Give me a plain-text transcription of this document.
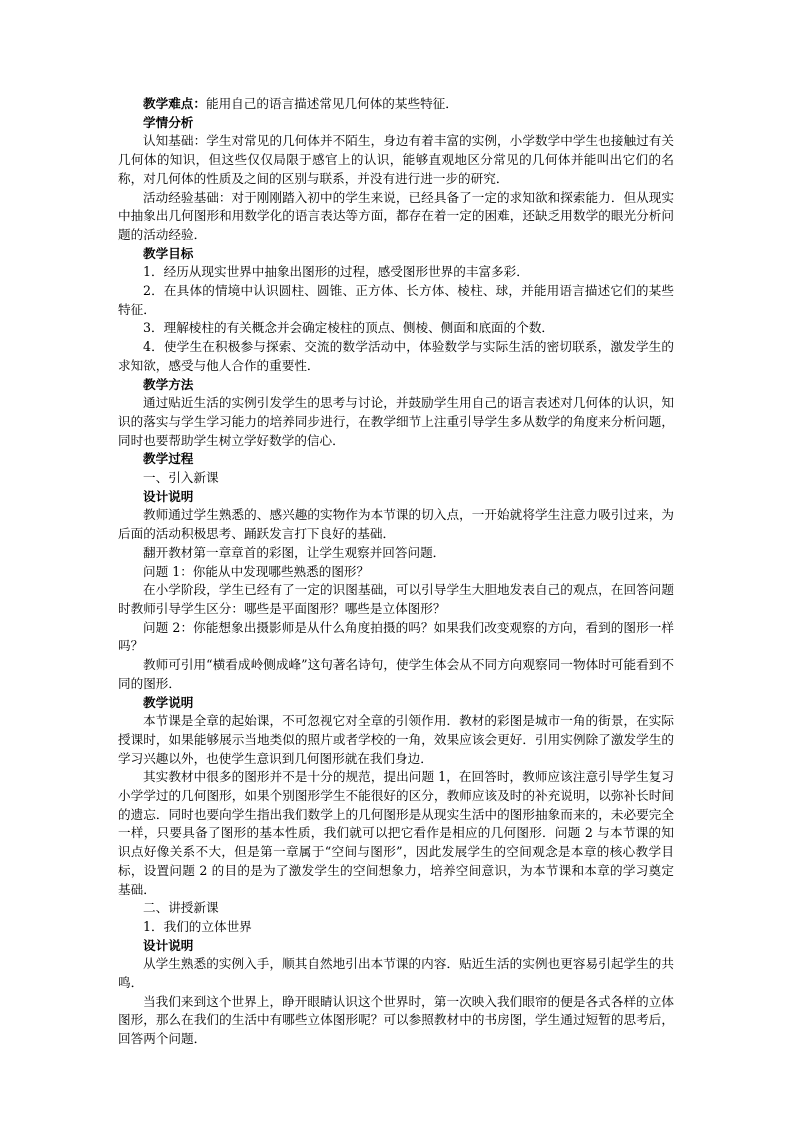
教学难点：能用自己的语言描述常见几何体的某些特征．

学情分析

认知基础：学生对常见的几何体并不陌生，身边有着丰富的实例，小学数学中学生也接触过有关几何体的知识，但这些仅仅局限于感官上的认识，能够直观地区分常见的几何体并能叫出它们的名称，对几何体的性质及之间的区别与联系，并没有进行进一步的研究．

活动经验基础：对于刚刚踏入初中的学生来说，已经具备了一定的求知欲和探索能力．但从现实中抽象出几何图形和用数学化的语言表达等方面，都存在着一定的困难，还缺乏用数学的眼光分析问题的活动经验．

教学目标

1．经历从现实世界中抽象出图形的过程，感受图形世界的丰富多彩．

2．在具体的情境中认识圆柱、圆锥、正方体、长方体、棱柱、球，并能用语言描述它们的某些特征．

3．理解棱柱的有关概念并会确定棱柱的顶点、侧棱、侧面和底面的个数．

4．使学生在积极参与探索、交流的数学活动中，体验数学与实际生活的密切联系，激发学生的求知欲，感受与他人合作的重要性．

教学方法

通过贴近生活的实例引发学生的思考与讨论，并鼓励学生用自己的语言表述对几何体的认识，知识的落实与学生学习能力的培养同步进行，在教学细节上注重引导学生多从数学的角度来分析问题，同时也要帮助学生树立学好数学的信心．

教学过程

一、引入新课

设计说明

教师通过学生熟悉的、感兴趣的实物作为本节课的切入点，一开始就将学生注意力吸引过来，为后面的活动积极思考、踊跃发言打下良好的基础．

翻开教材第一章章首的彩图，让学生观察并回答问题．

问题 1：你能从中发现哪些熟悉的图形？

在小学阶段，学生已经有了一定的识图基础，可以引导学生大胆地发表自己的观点，在回答问题时教师引导学生区分：哪些是平面图形？哪些是立体图形？

问题 2：你能想象出摄影师是从什么角度拍摄的吗？如果我们改变观察的方向，看到的图形一样吗？

教师可引用“横看成岭侧成峰”这句著名诗句，使学生体会从不同方向观察同一物体时可能看到不同的图形．

教学说明

本节课是全章的起始课，不可忽视它对全章的引领作用．教材的彩图是城市一角的街景，在实际授课时，如果能够展示当地类似的照片或者学校的一角，效果应该会更好．引用实例除了激发学生的学习兴趣以外，也使学生意识到几何图形就在我们身边．

其实教材中很多的图形并不是十分的规范，提出问题 1，在回答时，教师应该注意引导学生复习小学学过的几何图形，如果个别图形学生不能很好的区分，教师应该及时的补充说明，以弥补长时间的遗忘．同时也要向学生指出我们数学上的几何图形是从现实生活中的图形抽象而来的，未必要完全一样，只要具备了图形的基本性质，我们就可以把它看作是相应的几何图形．问题 2 与本节课的知识点好像关系不大，但是第一章属于“空间与图形”，因此发展学生的空间观念是本章的核心教学目标，设置问题 2 的目的是为了激发学生的空间想象力，培养空间意识，为本节课和本章的学习奠定基础．

二、讲授新课

1．我们的立体世界

设计说明

从学生熟悉的实例入手，顺其自然地引出本节课的内容．贴近生活的实例也更容易引起学生的共鸣．

当我们来到这个世界上，睁开眼睛认识这个世界时，第一次映入我们眼帘的便是各式各样的立体图形，那么在我们的生活中有哪些立体图形呢？可以参照教材中的书房图，学生通过短暂的思考后，回答两个问题．
